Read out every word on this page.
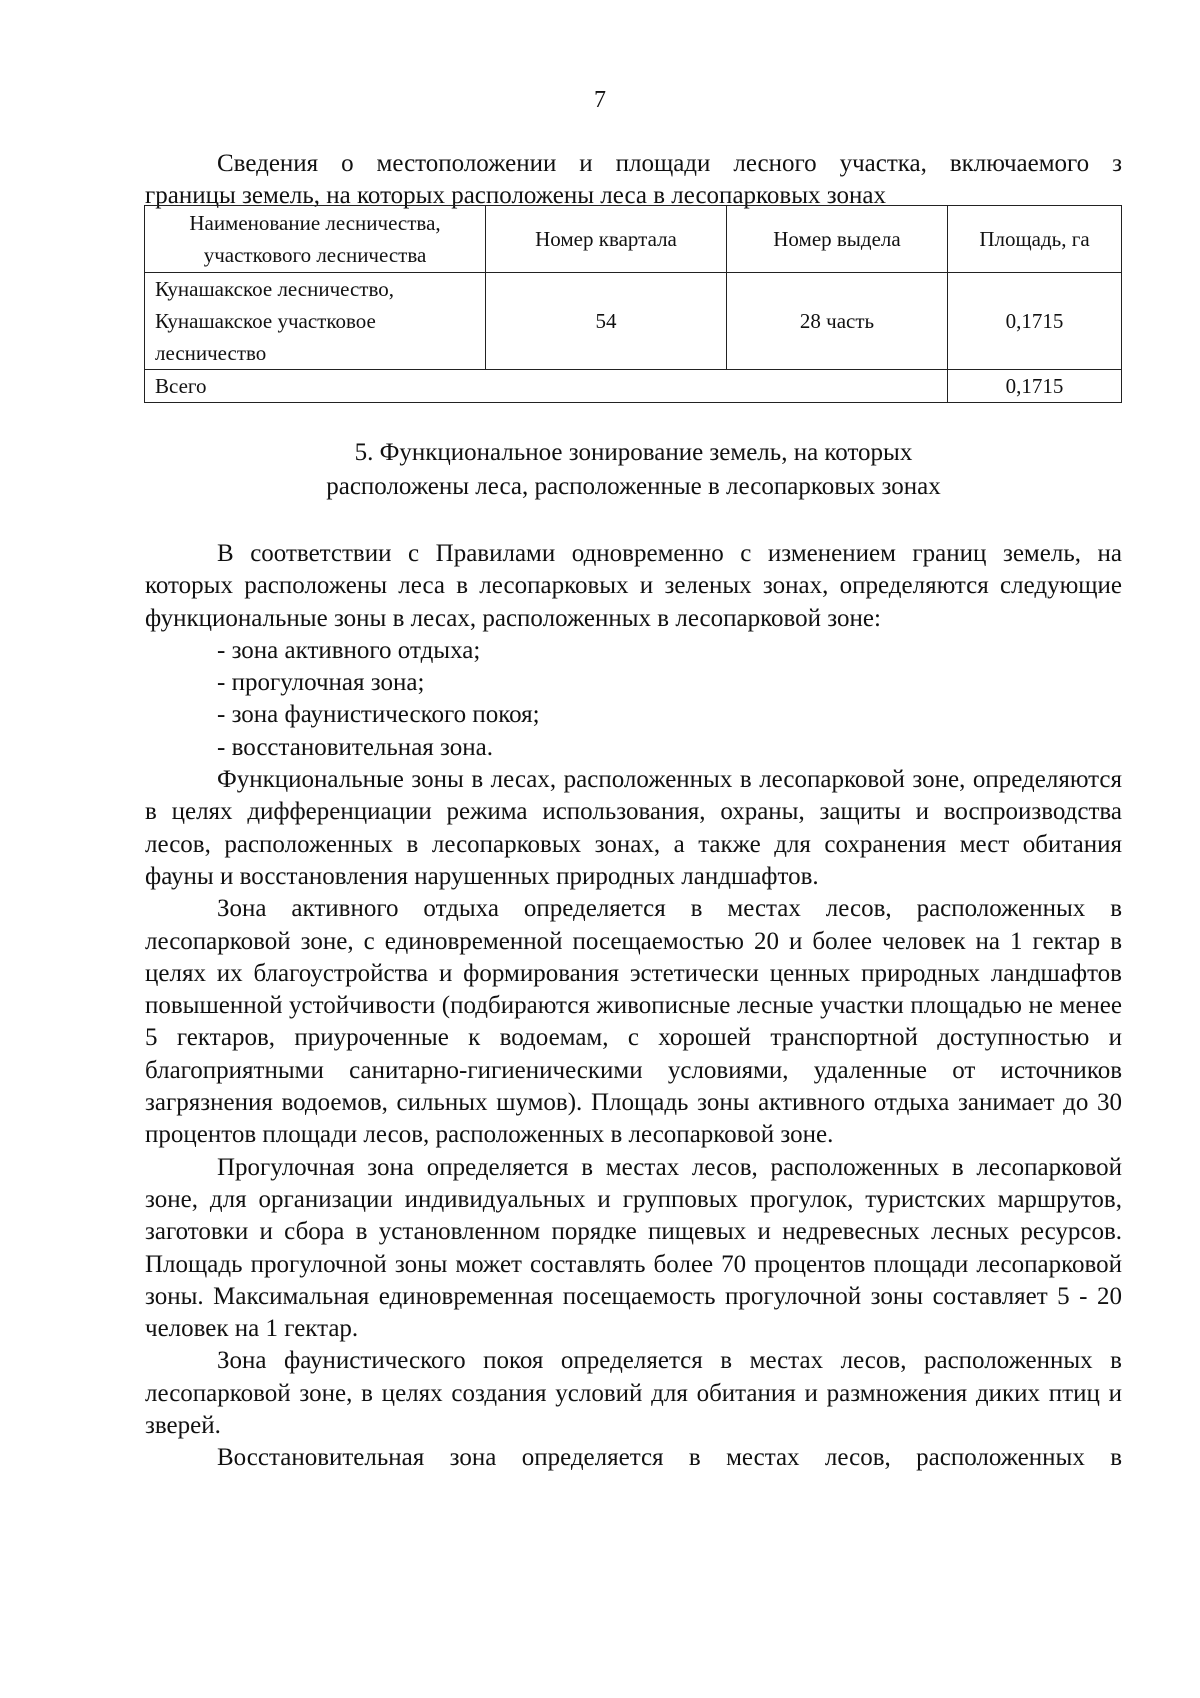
7
Сведения о местоположении и площади лесного участка, включаемого з
границы земель, на которых расположены леса в лесопарковых зонах
Наименование лесничества, участкового лесничества	Номер квартала	Номер выдела	Площадь, га
Кунашакское лесничество, Кунашакское участковое лесничество	54	28 часть	0,1715
Всего			0,1715
5. Функциональное зонирование земель, на которых
расположены леса, расположенные в лесопарковых зонах

В соответствии с Правилами одновременно с изменением границ земель, на которых расположены леса в лесопарковых и зеленых зонах, определяются следующие функциональные зоны в лесах, расположенных в лесопарковой зоне:

- зона активного отдыха;

- прогулочная зона;

- зона фаунистического покоя;

- восстановительная зона.

Функциональные зоны в лесах, расположенных в лесопарковой зоне, определяются в целях дифференциации режима использования, охраны, защиты и воспроизводства лесов, расположенных в лесопарковых зонах, а также для сохранения мест обитания фауны и восстановления нарушенных природных ландшафтов.

Зона активного отдыха определяется в местах лесов, расположенных в лесопарковой зоне, с единовременной посещаемостью 20 и более человек на 1 гектар в целях их благоустройства и формирования эстетически ценных природных ландшафтов повышенной устойчивости (подбираются живописные лесные участки площадью не менее 5 гектаров, приуроченные к водоемам, с хорошей транспортной доступностью и благоприятными санитарно-гигиеническими условиями, удаленные от источников загрязнения водоемов, сильных шумов). Площадь зоны активного отдыха занимает до 30 процентов площади лесов, расположенных в лесопарковой зоне.

Прогулочная зона определяется в местах лесов, расположенных в лесопарковой зоне, для организации индивидуальных и групповых прогулок, туристских маршрутов, заготовки и сбора в установленном порядке пищевых и недревесных лесных ресурсов. Площадь прогулочной зоны может составлять более 70 процентов площади лесопарковой зоны. Максимальная единовременная посещаемость прогулочной зоны составляет 5 - 20 человек на 1 гектар.

Зона фаунистического покоя определяется в местах лесов, расположенных в лесопарковой зоне, в целях создания условий для обитания и размножения диких птиц и зверей.

Восстановительная зона определяется в местах лесов, расположенных в
